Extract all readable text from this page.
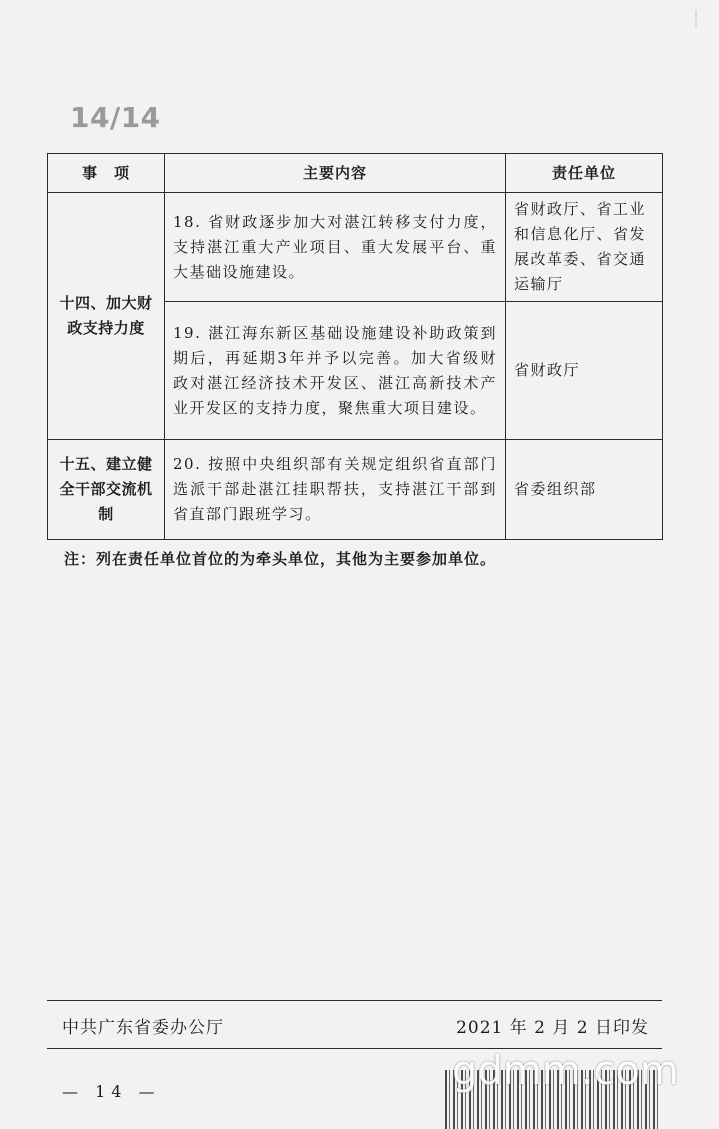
14/14
事　项	主要内容	责任单位
十四、加大财政支持力度	18. 省财政逐步加大对湛江转移支付力度，支持湛江重大产业项目、重大发展平台、重大基础设施建设。	省财政厅、省工业和信息化厅、省发展改革委、省交通运输厅
	19. 湛江海东新区基础设施建设补助政策到期后，再延期3年并予以完善。加大省级财政对湛江经济技术开发区、湛江高新技术产业开发区的支持力度，聚焦重大项目建设。	省财政厅
十五、建立健全干部交流机制	20. 按照中央组织部有关规定组织省直部门选派干部赴湛江挂职帮扶，支持湛江干部到省直部门跟班学习。	省委组织部
注：列在责任单位首位的为牵头单位，其他为主要参加单位。
中共广东省委办公厅	2021 年 2 月 2 日印发
— 14 —	gdmm.com
